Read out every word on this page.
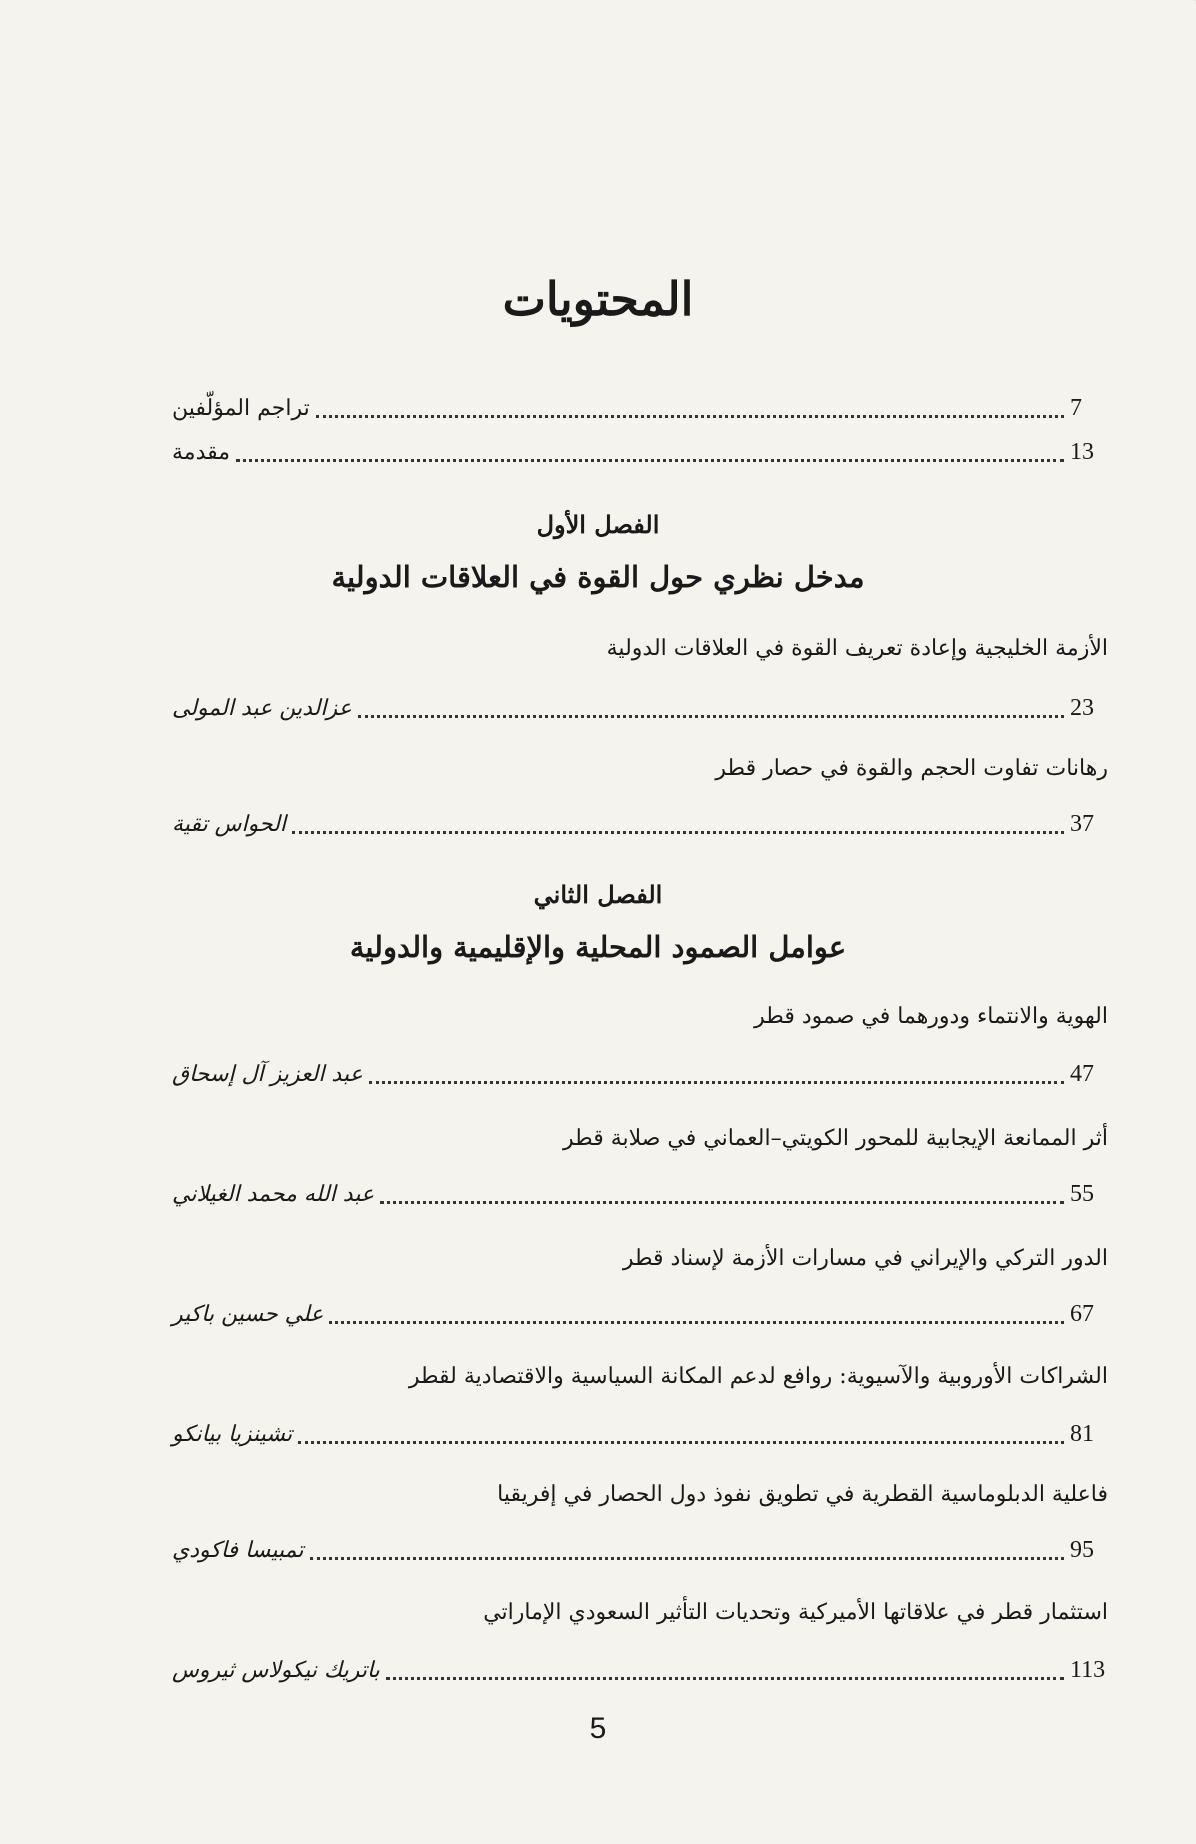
المحتويات
تراجم المؤلّفين	7
مقدمة	13
الفصل الأول
مدخل نظري حول القوة في العلاقات الدولية
الأزمة الخليجية وإعادة تعريف القوة في العلاقات الدولية
عزالدين عبد المولى	23
رهانات تفاوت الحجم والقوة في حصار قطر
الحواس تقية	37
الفصل الثاني
عوامل الصمود المحلية والإقليمية والدولية
الهوية والانتماء ودورهما في صمود قطر
عبد العزيز آل إسحاق	47
أثر الممانعة الإيجابية للمحور الكويتي–العماني في صلابة قطر
عبد الله محمد الغيلاني	55
الدور التركي والإيراني في مسارات الأزمة لإسناد قطر
علي حسين باكير	67
الشراكات الأوروبية والآسيوية: روافع لدعم المكانة السياسية والاقتصادية لقطر
تشينزيا بيانكو	81
فاعلية الدبلوماسية القطرية في تطويق نفوذ دول الحصار في إفريقيا
تمبيسا فاكودي	95
استثمار قطر في علاقاتها الأميركية وتحديات التأثير السعودي الإماراتي
باتريك نيكولاس ثيروس	113
5
